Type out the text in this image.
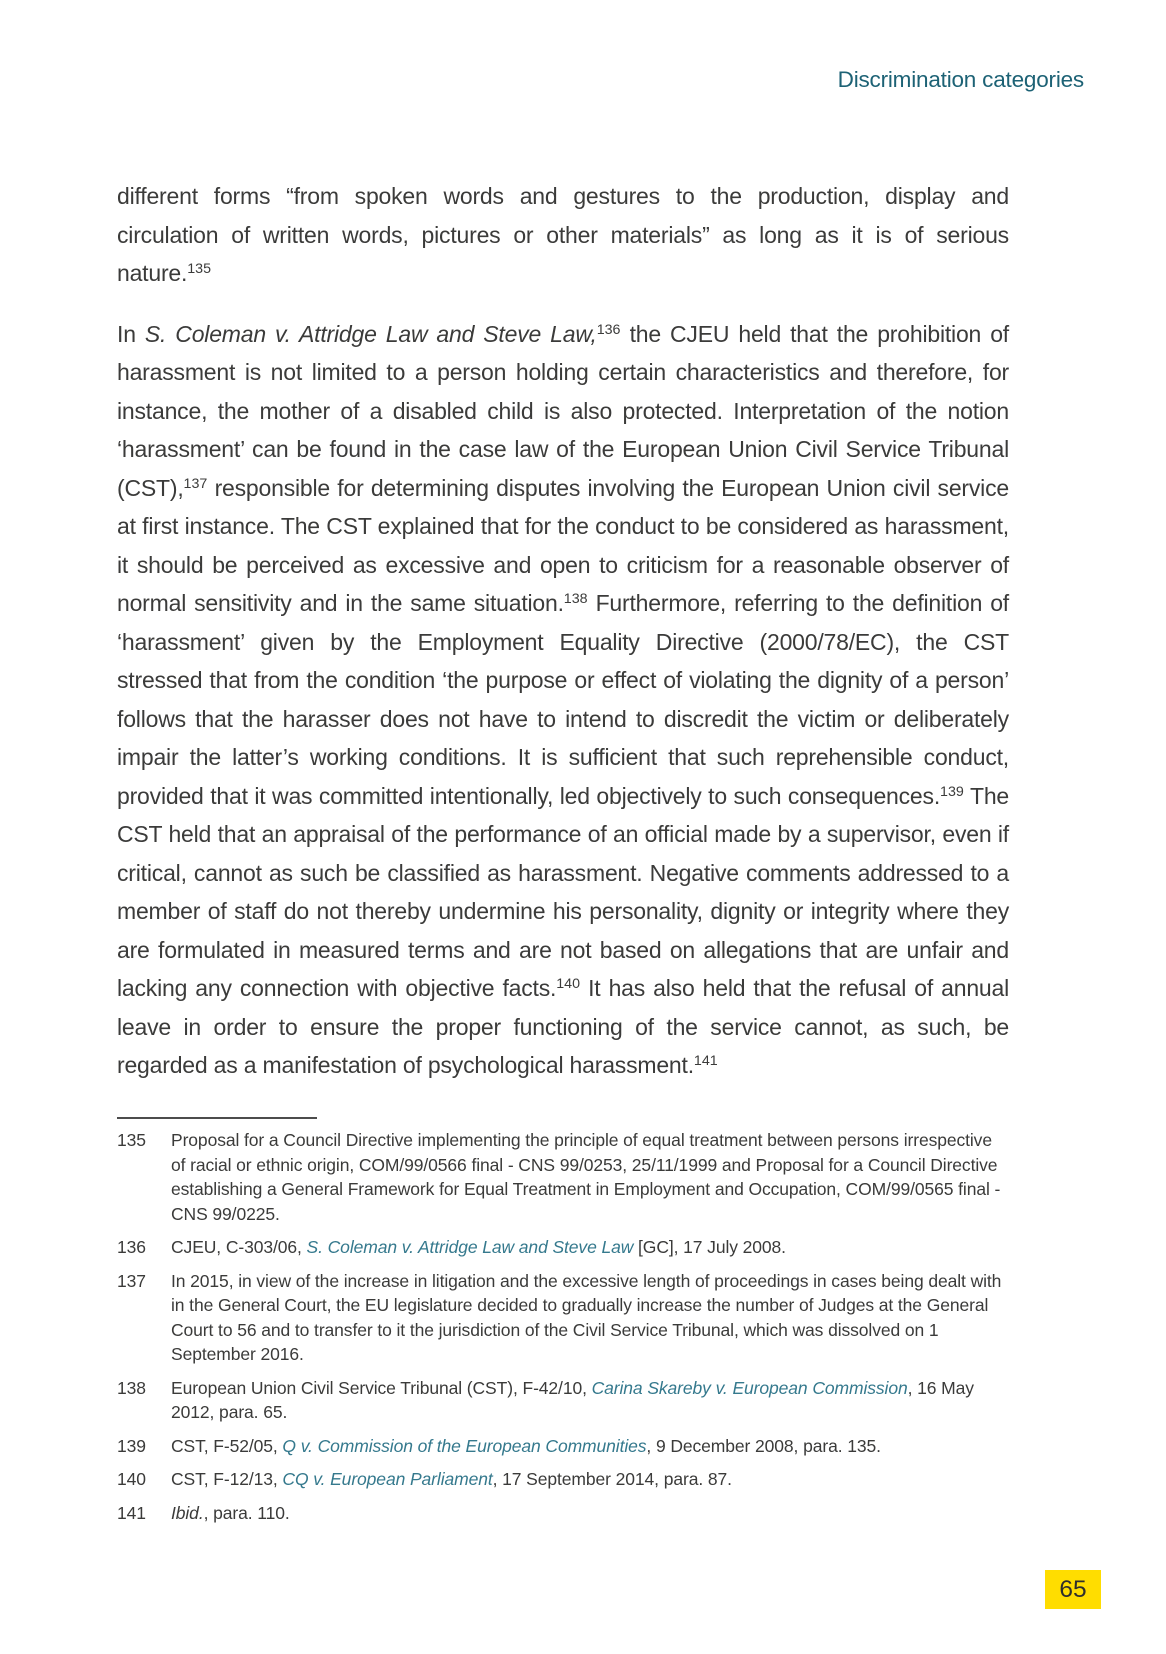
Discrimination categories

different forms “from spoken words and gestures to the production, display and circulation of written words, pictures or other materials” as long as it is of serious nature.$^{135}$

In S. Coleman v. Attridge Law and Steve Law,$^{136}$ the CJEU held that the prohibition of harassment is not limited to a person holding certain characteristics and therefore, for instance, the mother of a disabled child is also protected. Interpretation of the notion ‘harassment’ can be found in the case law of the European Union Civil Service Tribunal (CST),$^{137}$ responsible for determining disputes involving the European Union civil service at first instance. The CST explained that for the conduct to be considered as harassment, it should be perceived as excessive and open to criticism for a reasonable observer of normal sensitivity and in the same situation.$^{138}$ Furthermore, referring to the definition of ‘harassment’ given by the Employment Equality Directive (2000/78/EC), the CST stressed that from the condition ‘the purpose or effect of violating the dignity of a person’ follows that the harasser does not have to intend to discredit the victim or deliberately impair the latter’s working conditions. It is sufficient that such reprehensible conduct, provided that it was committed intentionally, led objectively to such consequences.$^{139}$ The CST held that an appraisal of the performance of an official made by a supervisor, even if critical, cannot as such be classified as harassment. Negative comments addressed to a member of staff do not thereby undermine his personality, dignity or integrity where they are formulated in measured terms and are not based on allegations that are unfair and lacking any connection with objective facts.$^{140}$ It has also held that the refusal of annual leave in order to ensure the proper functioning of the service cannot, as such, be regarded as a manifestation of psychological harassment.$^{141}$

135 Proposal for a Council Directive implementing the principle of equal treatment between persons irrespective of racial or ethnic origin, COM/99/0566 final - CNS 99/0253, 25/11/1999 and Proposal for a Council Directive establishing a General Framework for Equal Treatment in Employment and Occupation, COM/99/0565 final - CNS 99/0225.
136 CJEU, C-303/06, S. Coleman v. Attridge Law and Steve Law [GC], 17 July 2008.
137 In 2015, in view of the increase in litigation and the excessive length of proceedings in cases being dealt with in the General Court, the EU legislature decided to gradually increase the number of Judges at the General Court to 56 and to transfer to it the jurisdiction of the Civil Service Tribunal, which was dissolved on 1 September 2016.
138 European Union Civil Service Tribunal (CST), F-42/10, Carina Skareby v. European Commission, 16 May 2012, para. 65.
139 CST, F-52/05, Q v. Commission of the European Communities, 9 December 2008, para. 135.
140 CST, F-12/13, CQ v. European Parliament, 17 September 2014, para. 87.
141 Ibid., para. 110.
65
